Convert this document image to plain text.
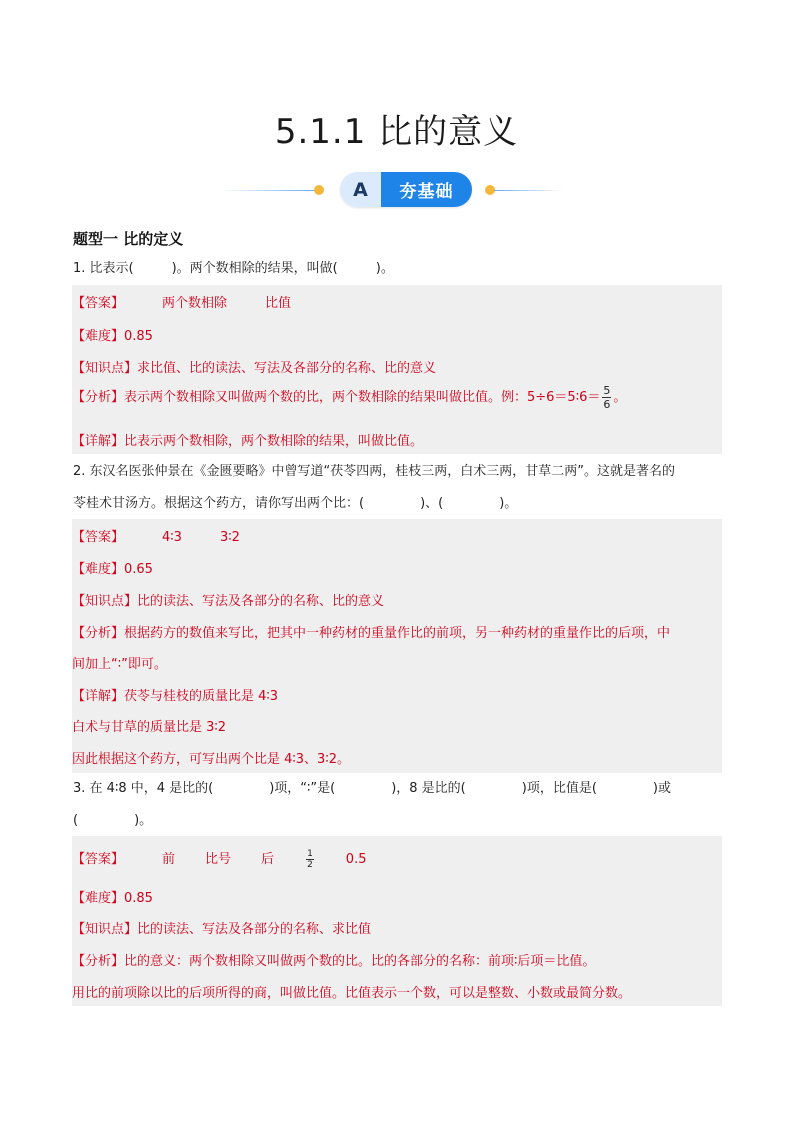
5.1.1 比的意义
A	夯基础
题型一 比的定义
1. 比表示(	)。两个数相除的结果，叫做(	)。
【答案】	两个数相除	比值
【难度】0.85
【知识点】求比值、比的读法、写法及各部分的名称、比的意义
【分析】表示两个数相除又叫做两个数的比，两个数相除的结果叫做比值。例：5÷6＝5∶6＝ $\frac{5}{6}$ 。
【详解】比表示两个数相除，两个数相除的结果，叫做比值。
2. 东汉名医张仲景在《金匮要略》中曾写道“茯苓四两，桂枝三两，白术三两，甘草二两”。这就是著名的
苓桂术甘汤方。根据这个药方，请你写出两个比：(	)、(	)。
【答案】	4∶3	3∶2
【难度】0.65
【知识点】比的读法、写法及各部分的名称、比的意义
【分析】根据药方的数值来写比，把其中一种药材的重量作比的前项，另一种药材的重量作比的后项，中
间加上“∶”即可。
【详解】茯苓与桂枝的质量比是 4∶3
白术与甘草的质量比是 3∶2
因此根据这个药方，可写出两个比是 4∶3、3∶2。
3. 在 4∶8 中，4 是比的(	)项，“∶”是(	)，8 是比的(	)项，比值是(	)或
(	)。
【答案】	前 比号 后	$\frac{1}{2} 0.5$
【难度】0.85
【知识点】比的读法、写法及各部分的名称、求比值
【分析】比的意义：两个数相除又叫做两个数的比。比的各部分的名称：前项∶后项＝比值。
用比的前项除以比的后项所得的商，叫做比值。比值表示一个数，可以是整数、小数或最简分数。
